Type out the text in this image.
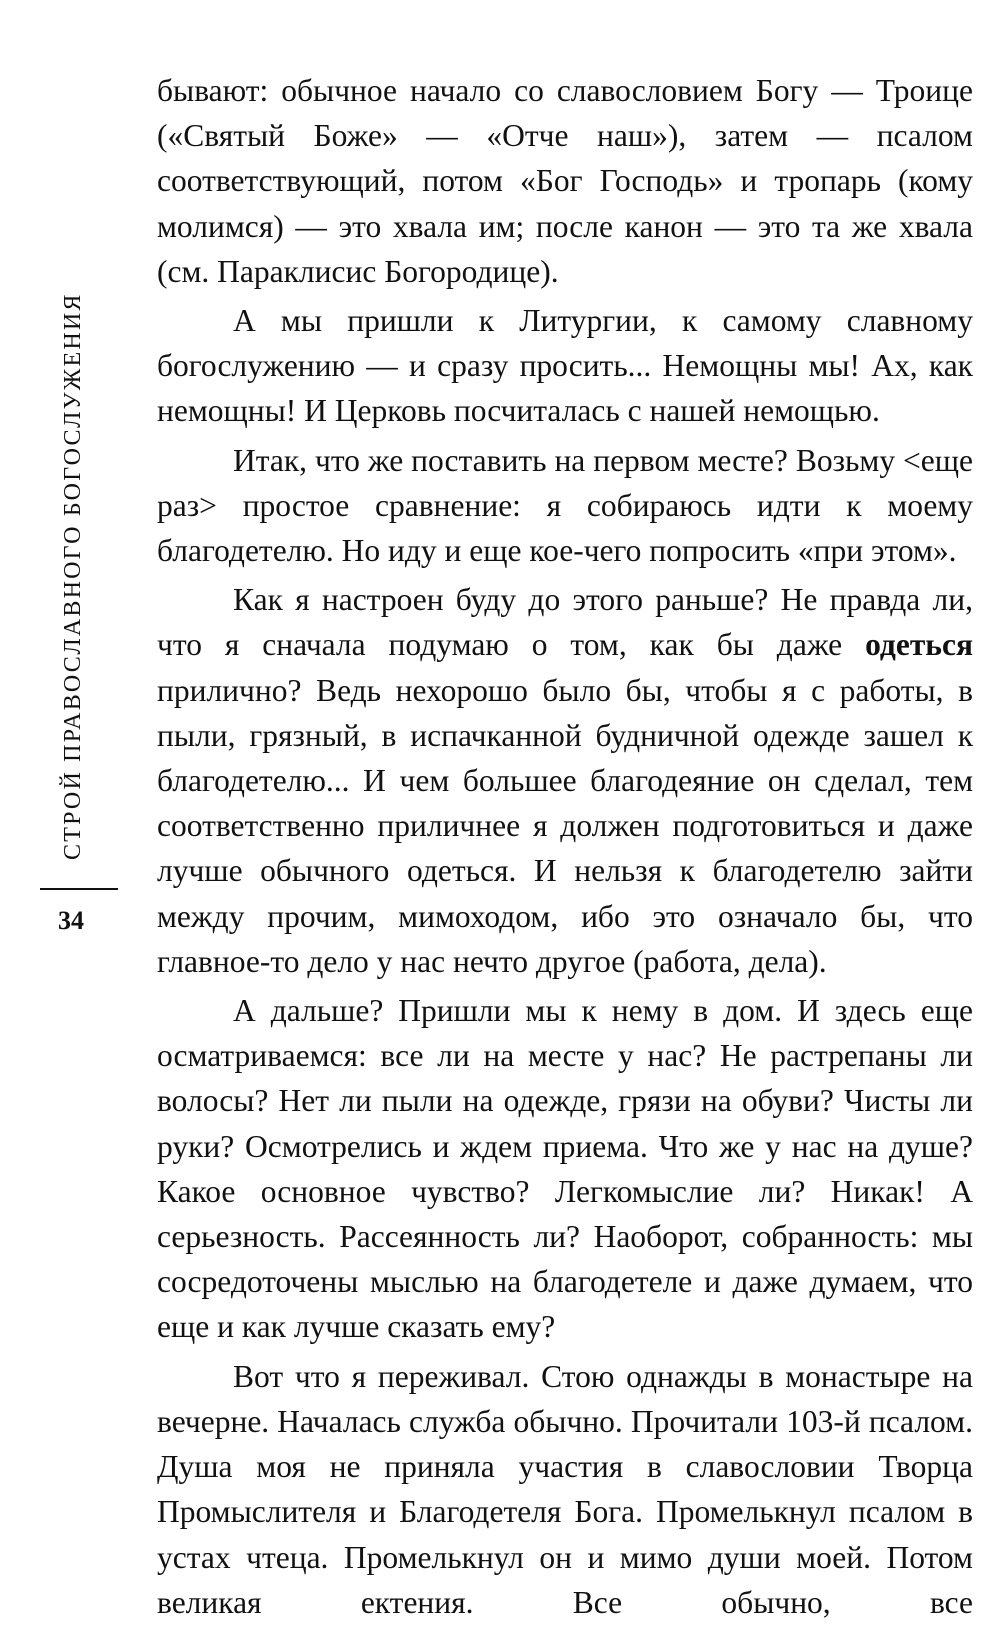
СТРОЙ ПРАВОСЛАВНОГО БОГОСЛУЖЕНИЯ
34

бывают: обычное начало со славословием Богу — Троице («Святый Боже» — «Отче наш»), затем — псалом соответствующий, потом «Бог Господь» и тропарь (кому молимся) — это хвала им; после канон — это та же хвала (см. Параклисис Богородице).

А мы пришли к Литургии, к самому славному богослужению — и сразу просить... Немощны мы! Ах, как немощны! И Церковь посчиталась с нашей немощью.

Итак, что же поставить на первом месте? Возьму <еще раз> простое сравнение: я собираюсь идти к моему благодетелю. Но иду и еще кое-чего попросить «при этом».

Как я настроен буду до этого раньше? Не правда ли, что я сначала подумаю о том, как бы даже одеться прилично? Ведь нехорошо было бы, чтобы я с работы, в пыли, грязный, в испачканной будничной одежде зашел к благодетелю... И чем большее благодеяние он сделал, тем соответственно приличнее я должен подготовиться и даже лучше обычного одеться. И нельзя к благодетелю зайти между прочим, мимоходом, ибо это означало бы, что главное-то дело у нас нечто другое (работа, дела).

А дальше? Пришли мы к нему в дом. И здесь еще осматриваемся: все ли на месте у нас? Не растрепаны ли волосы? Нет ли пыли на одежде, грязи на обуви? Чисты ли руки? Осмотрелись и ждем приема. Что же у нас на душе? Какое основное чувство? Легкомыслие ли? Никак! А серьезность. Рассеянность ли? Наоборот, собранность: мы сосредоточены мыслью на благодетеле и даже думаем, что еще и как лучше сказать ему?

Вот что я переживал. Стою однажды в монастыре на вечерне. Началась служба обычно. Прочитали 103-й псалом. Душа моя не приняла участия в славословии Творца Промыслителя и Благодетеля Бога. Промелькнул псалом в устах чтеца. Промелькнул он и мимо души моей. Потом великая ектения. Все обычно, все
